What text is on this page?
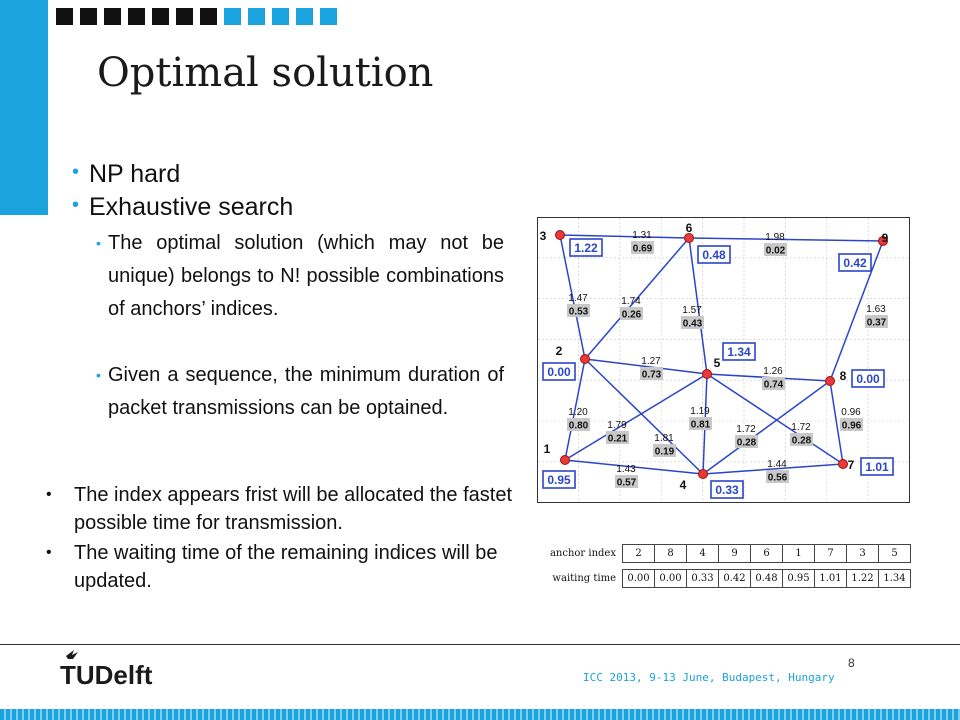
Optimal solution
• NP hard
• Exhaustive search
• The optimal solution (which may not be unique) belongs to N! possible combinations of anchors’ indices.
• Given a sequence, the minimum duration of packet transmissions can be optained.
• The index appears frist will be allocated the fastet possible time for transmission.
• The waiting time of the remaining indices will be updated.
1.31
0.69
1.98
0.02
1.47
0.53
1.74
0.26	1.57
0.43
1.63
0.37
1.27
0.73	1.26
0.74
1.20
0.80 1.79
0.21	1.81
0.19
1.19
0.81	1.72
0.28
1.72
0.28
0.96
0.96
1.43
0.57
1.44
0.56
1
0.95
2
0.00
3
1.22
4 0.33
5
1.34
6
0.48
7 1.01
8 0.00
9
0.42
anchor index	2	8	4	9	6	1	7	3	5

waiting time	0.00	0.00	0.33	0.42	0.48	0.95	1.01	1.22	1.34
TUDelft	ICC 2013, 9-13 June, Budapest, Hungary
8
